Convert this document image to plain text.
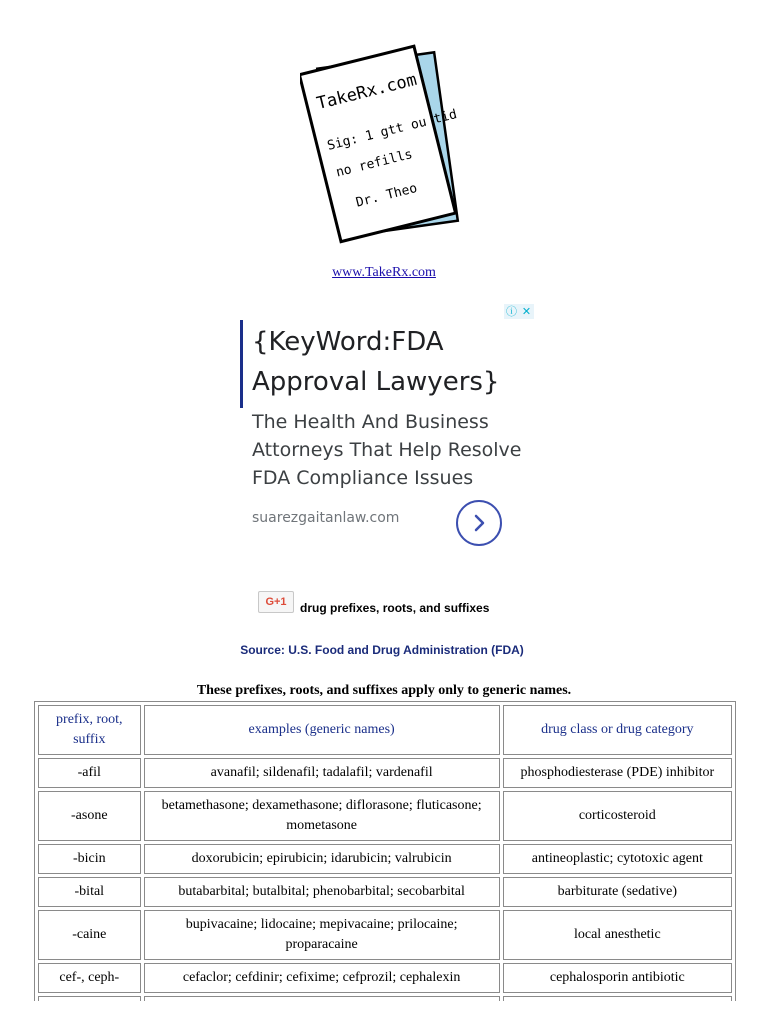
TakeRx.com
Sig: 1 gtt ou tid
no refills
Dr. Theo
www.TakeRx.com
ⓘ ✕
{KeyWord:FDA Approval Lawyers}
The Health And Business Attorneys That Help Resolve FDA Compliance Issues
suarezgaitanlaw.com
G+1	drug prefixes, roots, and suffixes
Source: U.S. Food and Drug Administration (FDA)
These prefixes, roots, and suffixes apply only to generic names.
prefix, root, suffix	examples (generic names)	drug class or drug category
-afil	avanafil; sildenafil; tadalafil; vardenafil	phosphodiesterase (PDE) inhibitor
-asone	betamethasone; dexamethasone; diflorasone; fluticasone; mometasone	corticosteroid
-bicin	doxorubicin; epirubicin; idarubicin; valrubicin	antineoplastic; cytotoxic agent
-bital	butabarbital; butalbital; phenobarbital; secobarbital	barbiturate (sedative)
-caine	bupivacaine; lidocaine; mepivacaine; prilocaine; proparacaine	local anesthetic
cef-, ceph-	cefaclor; cefdinir; cefixime; cefprozil; cephalexin	cephalosporin antibiotic
